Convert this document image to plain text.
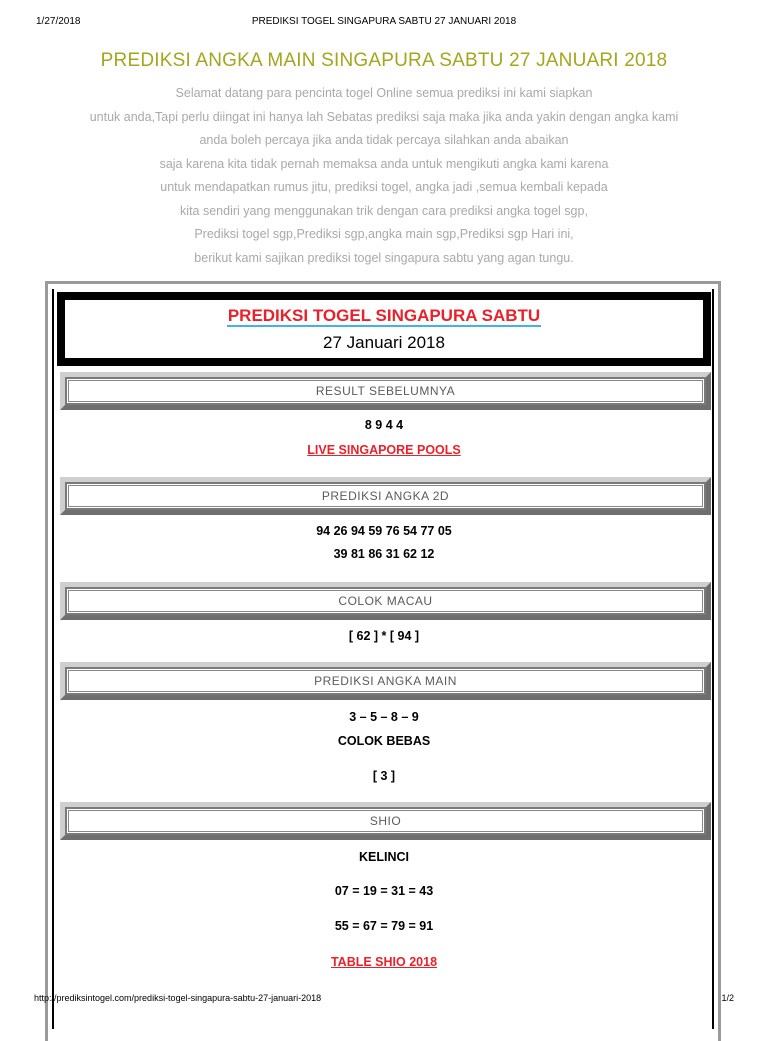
1/27/2018	PREDIKSI TOGEL SINGAPURA SABTU 27 JANUARI 2018
PREDIKSI ANGKA MAIN SINGAPURA SABTU 27 JANUARI 2018
Selamat datang para pencinta togel Online semua prediksi ini kami siapkan
untuk anda,Tapi perlu diingat ini hanya lah Sebatas prediksi saja maka jika anda yakin dengan angka kami
anda boleh percaya jika anda tidak percaya silahkan anda abaikan
saja karena kita tidak pernah memaksa anda untuk mengikuti angka kami karena
untuk mendapatkan rumus jitu, prediksi togel, angka jadi ,semua kembali kepada
kita sendiri yang menggunakan trik dengan cara prediksi angka togel sgp,
Prediksi togel sgp,Prediksi sgp,angka main sgp,Prediksi sgp Hari ini,
berikut kami sajikan prediksi togel singapura sabtu yang agan tungu.
PREDIKSI TOGEL SINGAPURA SABTU
27 Januari 2018
RESULT SEBELUMNYA
8 9 4 4
LIVE SINGAPORE POOLS
PREDIKSI ANGKA 2D
94 26 94 59 76 54 77 05
39 81 86 31 62 12
COLOK MACAU
[ 62 ] * [ 94 ]
PREDIKSI ANGKA MAIN
3 – 5 – 8 – 9
COLOK BEBAS
[ 3 ]
SHIO
KELINCI
07 = 19 = 31 = 43
55 = 67 = 79 = 91
TABLE SHIO 2018
http://prediksintogel.com/prediksi-togel-singapura-sabtu-27-januari-2018	1/2
